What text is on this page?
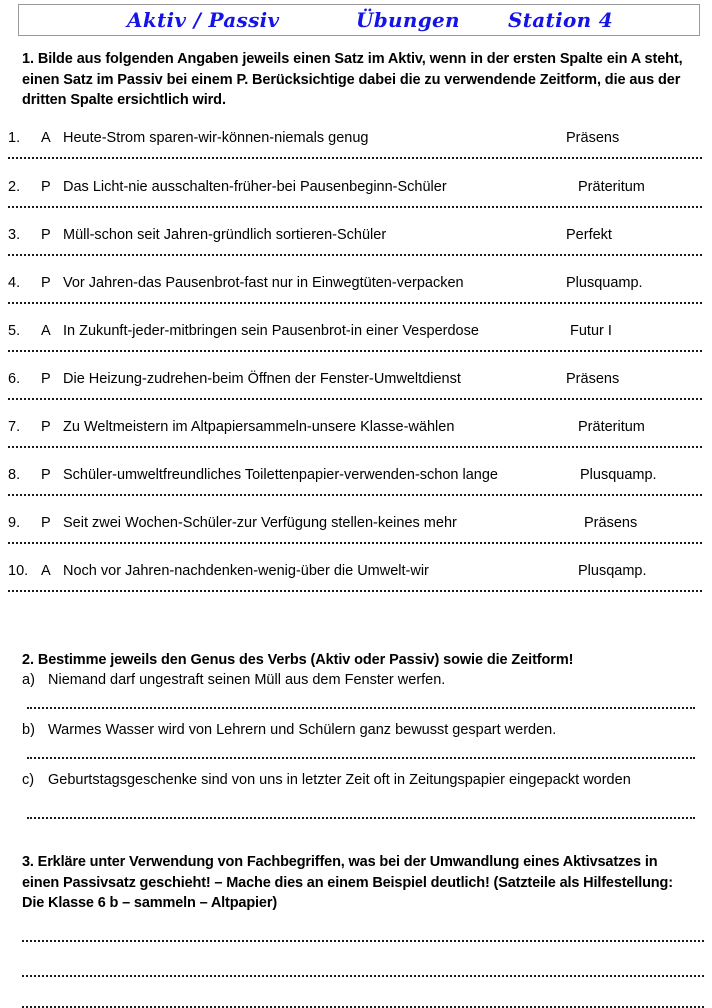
Aktiv / Passiv	Übungen Station 4
1. Bilde aus folgenden Angaben jeweils einen Satz im Aktiv, wenn in der ersten Spalte ein A steht, einen Satz im Passiv bei einem P. Berücksichtige dabei die zu verwendende Zeitform, die aus der dritten Spalte ersichtlich wird.
1.	A Heute-Strom sparen-wir-können-niemals genug	Präsens
2.	P Das Licht-nie ausschalten-früher-bei Pausenbeginn-Schüler	Präteritum
3.	P Müll-schon seit Jahren-gründlich sortieren-Schüler	Perfekt
4.	P Vor Jahren-das Pausenbrot-fast nur in Einwegtüten-verpacken	Plusquamp.
5.	A In Zukunft-jeder-mitbringen sein Pausenbrot-in einer Vesperdose	Futur I
6.	P Die Heizung-zudrehen-beim Öffnen der Fenster-Umweltdienst	Präsens
7.	P Zu Weltmeistern im Altpapiersammeln-unsere Klasse-wählen	Präteritum
8.	P Schüler-umweltfreundliches Toilettenpapier-verwenden-schon lange	Plusquamp.
9.	P Seit zwei Wochen-Schüler-zur Verfügung stellen-keines mehr	Präsens
10. A Noch vor Jahren-nachdenken-wenig-über die Umwelt-wir	Plusqamp.
2. Bestimme jeweils den Genus des Verbs (Aktiv oder Passiv) sowie die Zeitform!
a) Niemand darf ungestraft seinen Müll aus dem Fenster werfen.
b) Warmes Wasser wird von Lehrern und Schülern ganz bewusst gespart werden.
c) Geburtstagsgeschenke sind von uns in letzter Zeit oft in Zeitungspapier eingepackt worden
3. Erkläre unter Verwendung von Fachbegriffen, was bei der Umwandlung eines Aktivsatzes in einen Passivsatz geschieht! – Mache dies an einem Beispiel deutlich! (Satzteile als Hilfestellung: Die Klasse 6 b – sammeln – Altpapier)
